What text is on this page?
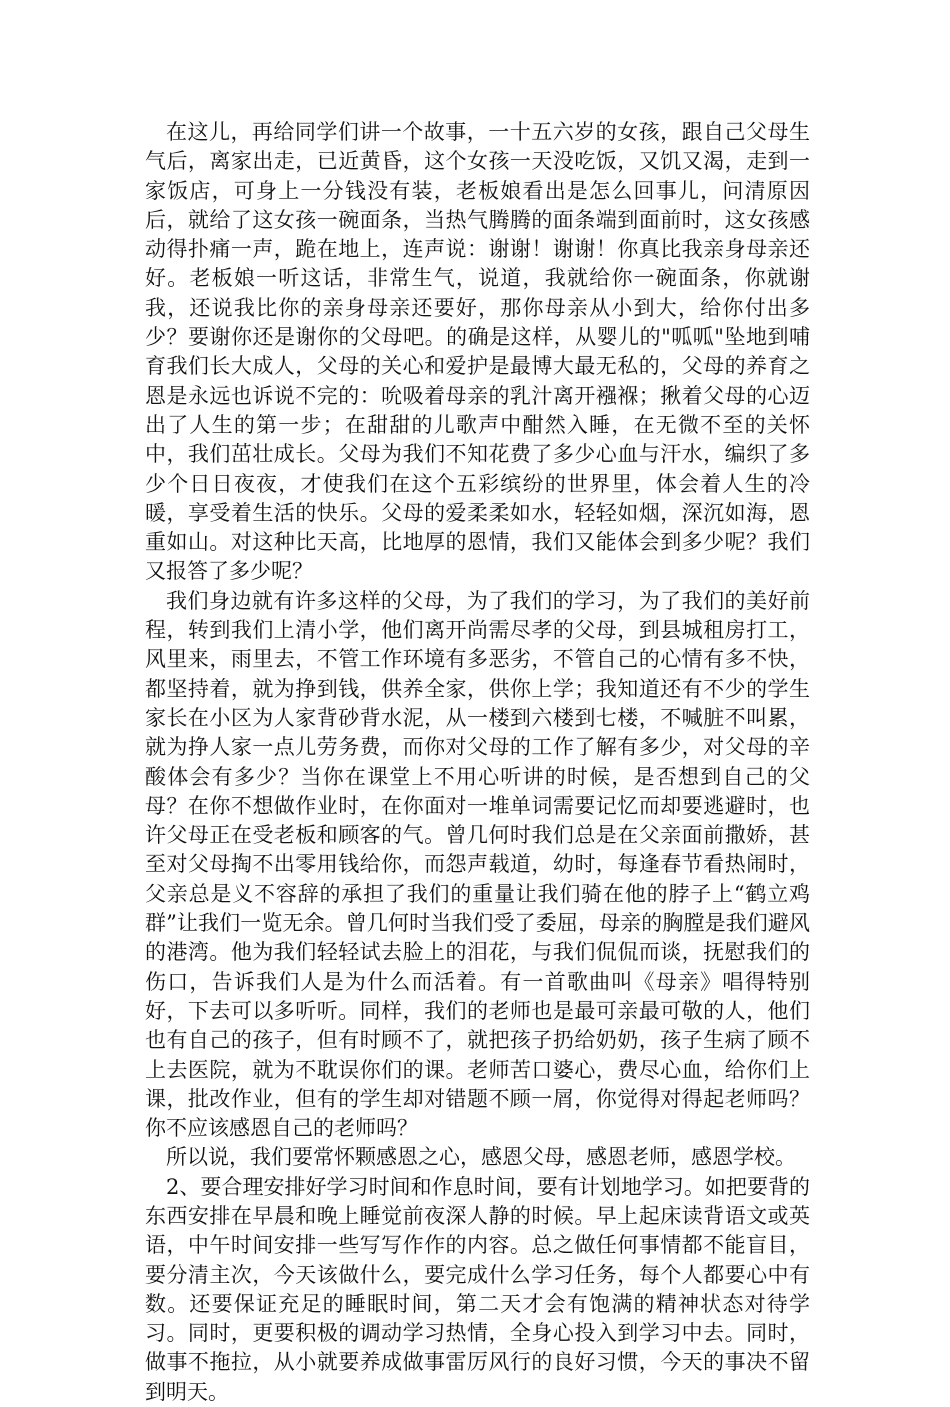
在这儿，再给同学们讲一个故事，一十五六岁的女孩，跟自己父母生气后，离家出走，已近黄昏，这个女孩一天没吃饭，又饥又渴，走到一家饭店，可身上一分钱没有装，老板娘看出是怎么回事儿，问清原因后，就给了这女孩一碗面条，当热气腾腾的面条端到面前时，这女孩感动得扑痛一声，跪在地上，连声说：谢谢！谢谢！你真比我亲身母亲还好。老板娘一听这话，非常生气，说道，我就给你一碗面条，你就谢我，还说我比你的亲身母亲还要好，那你母亲从小到大，给你付出多少？要谢你还是谢你的父母吧。的确是这样，从婴儿的"呱呱"坠地到哺育我们长大成人，父母的关心和爱护是最博大最无私的，父母的养育之恩是永远也诉说不完的：吮吸着母亲的乳汁离开襁褓；揪着父母的心迈出了人生的第一步；在甜甜的儿歌声中酣然入睡，在无微不至的关怀中，我们茁壮成长。父母为我们不知花费了多少心血与汗水，编织了多少个日日夜夜，才使我们在这个五彩缤纷的世界里，体会着人生的冷暖，享受着生活的快乐。父母的爱柔柔如水，轻轻如烟，深沉如海，恩重如山。对这种比天高，比地厚的恩情，我们又能体会到多少呢？我们又报答了多少呢？

我们身边就有许多这样的父母，为了我们的学习，为了我们的美好前程，转到我们上清小学，他们离开尚需尽孝的父母，到县城租房打工，风里来，雨里去，不管工作环境有多恶劣，不管自己的心情有多不快，都坚持着，就为挣到钱，供养全家，供你上学；我知道还有不少的学生家长在小区为人家背砂背水泥，从一楼到六楼到七楼，不喊脏不叫累，就为挣人家一点儿劳务费，而你对父母的工作了解有多少，对父母的辛酸体会有多少？当你在课堂上不用心听讲的时候，是否想到自己的父母？在你不想做作业时，在你面对一堆单词需要记忆而却要逃避时，也许父母正在受老板和顾客的气。曾几何时我们总是在父亲面前撒娇，甚至对父母掏不出零用钱给你，而怨声载道，幼时，每逢春节看热闹时，父亲总是义不容辞的承担了我们的重量让我们骑在他的脖子上“鹤立鸡群”让我们一览无余。曾几何时当我们受了委屈，母亲的胸膛是我们避风的港湾。他为我们轻轻试去脸上的泪花，与我们侃侃而谈，抚慰我们的伤口，告诉我们人是为什么而活着。有一首歌曲叫《母亲》唱得特别好，下去可以多听听。同样，我们的老师也是最可亲最可敬的人，他们也有自己的孩子，但有时顾不了，就把孩子扔给奶奶，孩子生病了顾不上去医院，就为不耽误你们的课。老师苦口婆心，费尽心血，给你们上课，批改作业，但有的学生却对错题不顾一屑，你觉得对得起老师吗？你不应该感恩自己的老师吗？

所以说，我们要常怀颗感恩之心，感恩父母，感恩老师，感恩学校。

2、要合理安排好学习时间和作息时间，要有计划地学习。如把要背的东西安排在早晨和晚上睡觉前夜深人静的时候。早上起床读背语文或英语，中午时间安排一些写写作作的内容。总之做任何事情都不能盲目，要分清主次，今天该做什么，要完成什么学习任务，每个人都要心中有数。还要保证充足的睡眠时间，第二天才会有饱满的精神状态对待学习。同时，更要积极的调动学习热情，全身心投入到学习中去。同时，做事不拖拉，从小就要养成做事雷厉风行的良好习惯，今天的事决不留到明天。
